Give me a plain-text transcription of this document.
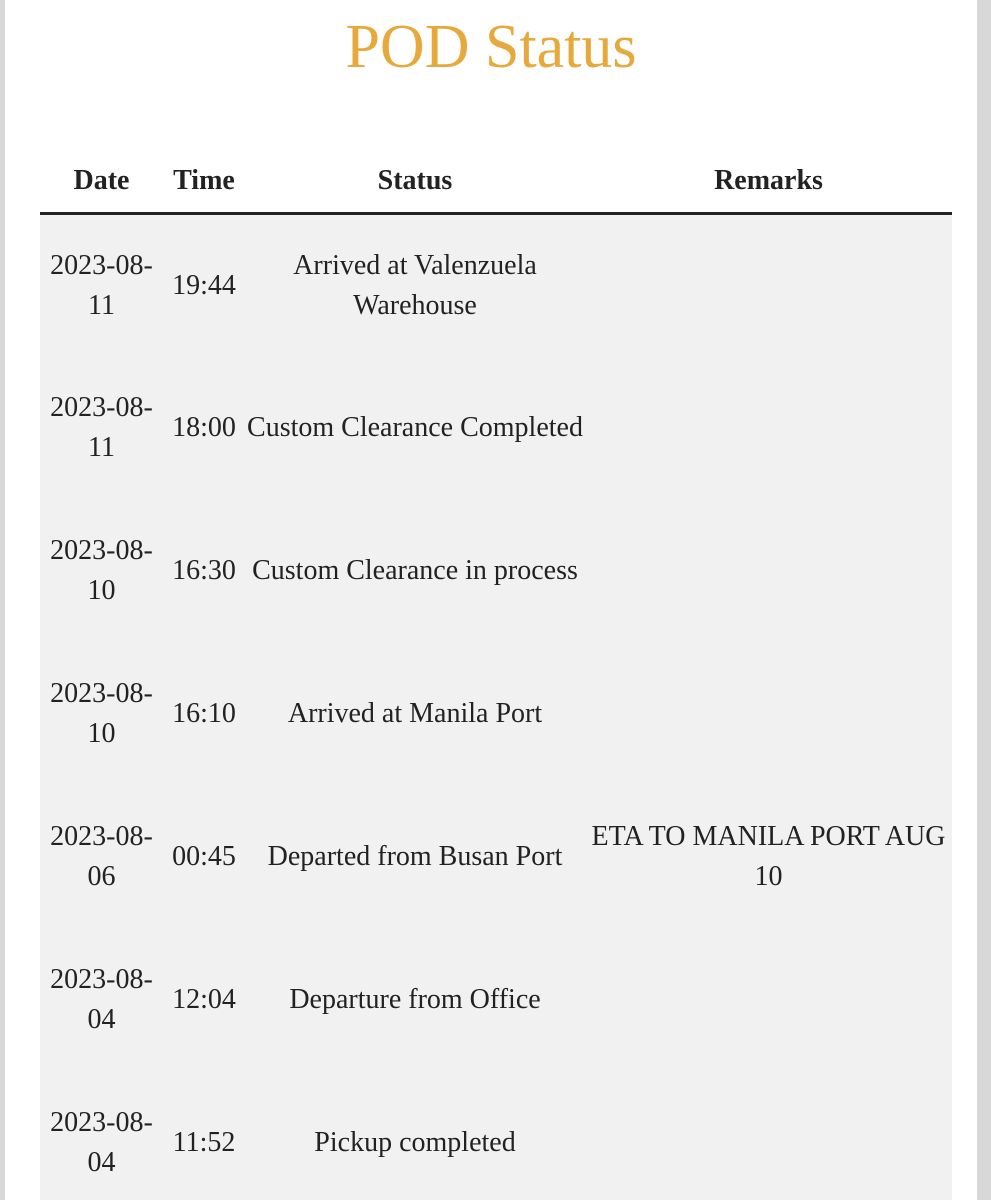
POD Status
Date	Time	Status	Remarks
2023-08-11	19:44	Arrived at Valenzuela Warehouse	
2023-08-11	18:00	Custom Clearance Completed	
2023-08-10	16:30	Custom Clearance in process	
2023-08-10	16:10	Arrived at Manila Port	
2023-08-06	00:45	Departed from Busan Port	ETA TO MANILA PORT AUG 10
2023-08-04	12:04	Departure from Office	
2023-08-04	11:52	Pickup completed	
